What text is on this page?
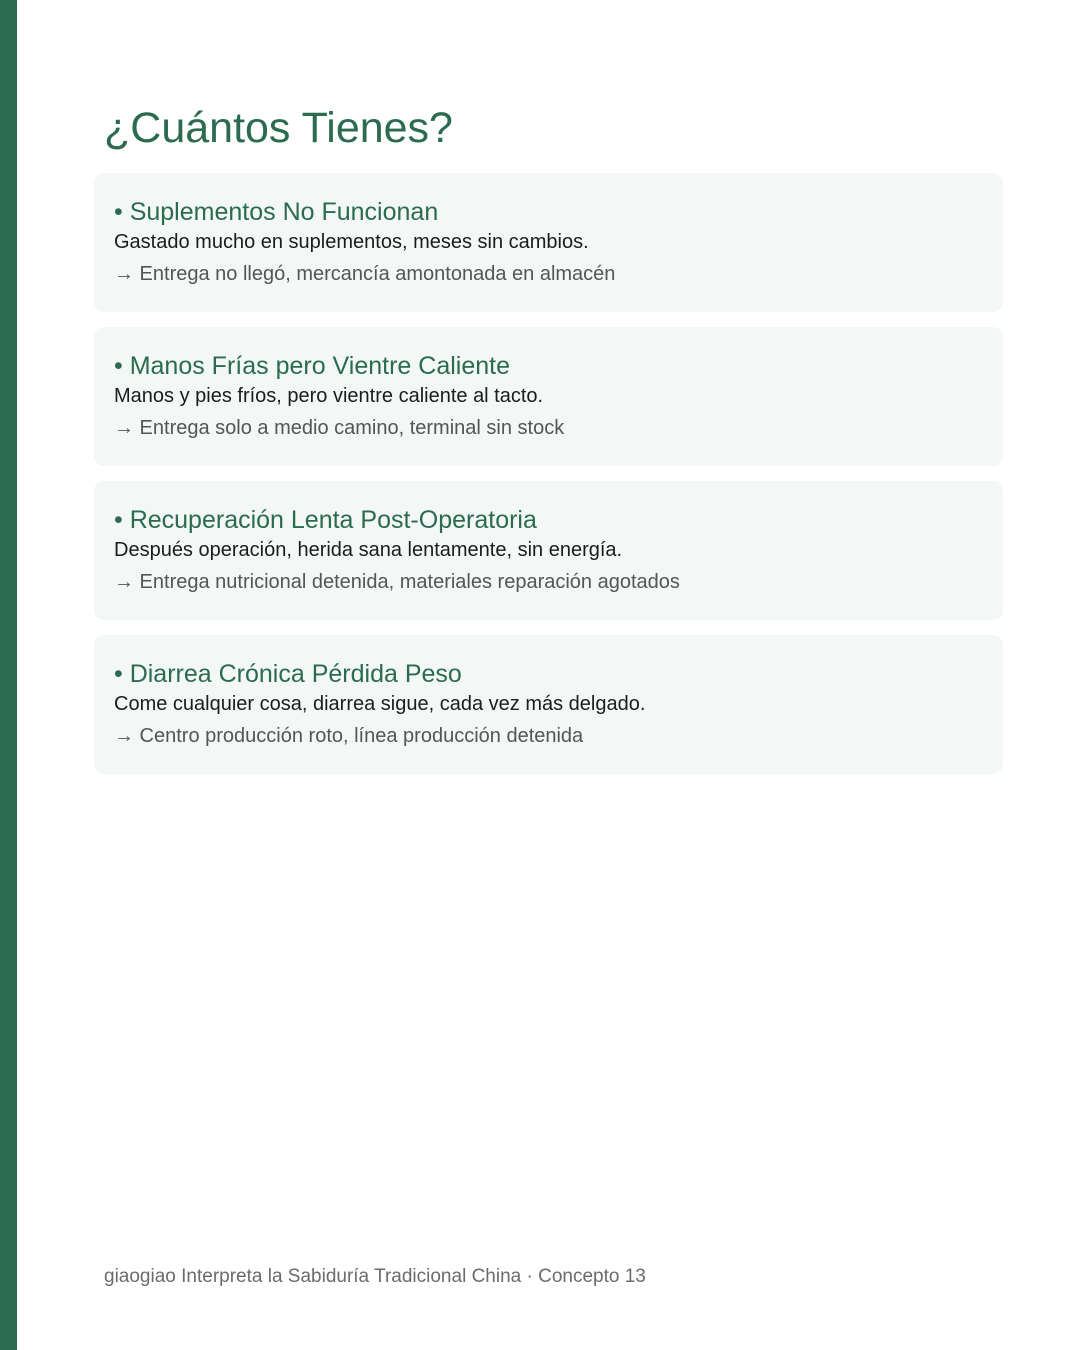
¿Cuántos Tienes?
• Suplementos No Funcionan
Gastado mucho en suplementos, meses sin cambios.
→ Entrega no llegó, mercancía amontonada en almacén
• Manos Frías pero Vientre Caliente
Manos y pies fríos, pero vientre caliente al tacto.
→ Entrega solo a medio camino, terminal sin stock
• Recuperación Lenta Post-Operatoria
Después operación, herida sana lentamente, sin energía.
→ Entrega nutricional detenida, materiales reparación agotados
• Diarrea Crónica Pérdida Peso
Come cualquier cosa, diarrea sigue, cada vez más delgado.
→ Centro producción roto, línea producción detenida
giaogiao Interpreta la Sabiduría Tradicional China · Concepto 13
